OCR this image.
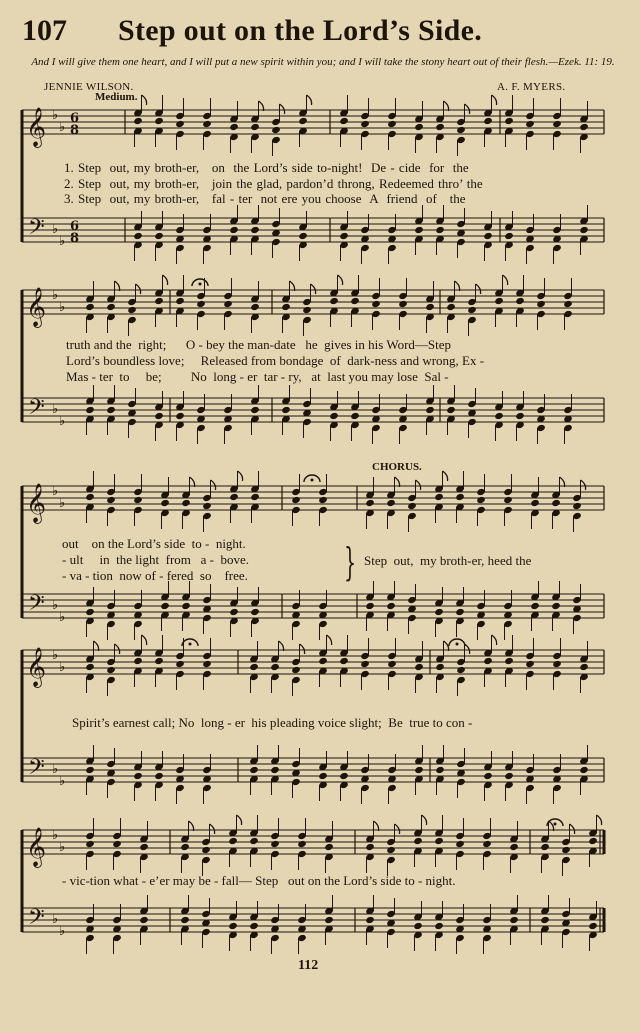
107 Step out on the Lord’s Side.
And I will give them one heart, and I will put a new spirit within you; and I will take the stony heart out of their flesh.—Ezek. 11: 19.
JENNIE WILSON.	A. F. MYERS.
Medium.
CHORUS.
𝄞 ♭
♭
6
8
𝄢 ♭
♭
6
8
𝄞 ♭
♭
𝄢 ♭
♭
𝄞 ♭
♭
𝄢 ♭
♭
𝄞 ♭
♭
𝄢 ♭
♭
𝄞 ♭
♭
𝄢 ♭
♭
1. Step  out, my broth-er,   on  the Lord’s side to-night!  De - cide  for  the
2. Step  out, my broth-er,   join the glad, pardon’d throng, Redeemed thro’ the
3. Step  out, my broth-er,   fal - ter  not ere you choose  A  friend  of   the
truth and the  right;      O - bey the man-date   he  gives in his Word—Step
Lord’s boundless love;     Released from bondage  of  dark-ness and wrong, Ex -
Mas - ter  to     be;         No  long - er  tar - ry,   at  last you may lose  Sal -
out    on the Lord’s side  to -  night.
- ult     in  the light  from   a -  bove.
- va - tion  now of - fered  so    free.	} Step  out,  my broth-er, heed the
Spirit’s earnest call; No  long - er  his pleading voice slight;  Be  true to con -
- vic-tion what - e’er may be - fall— Step   out on the Lord’s side to - night.
112
